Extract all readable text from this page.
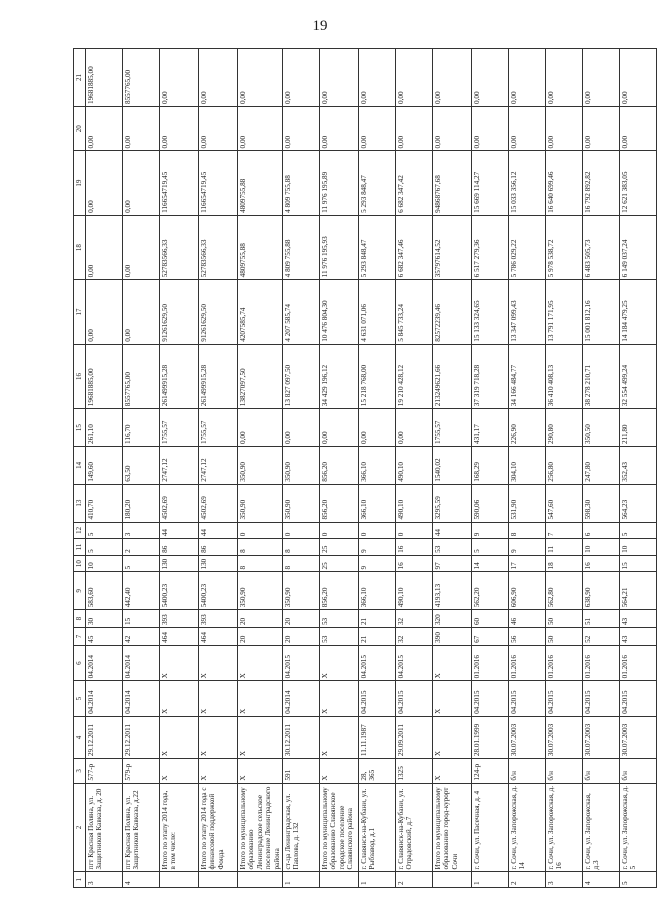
19
1	2	3	4	5	6	7	8	9	10	11	12	13	14	15	16	17	18	19	20	21
3	пгт Красная Поляна, ул. Защитников Кавказа, д. 20	577-р	29.12.2011	04.2014	04.2014	45	30	583,60	10	5	5	410,70	149,60	261,10	19681885,00	0,00	0,00	0,00	0,00	19681885,00
4	пгт Красная Поляна, ул. Защитников Кавказа, д.22	579-р	29.12.2011	04.2014	04.2014	42	15	442,40	5	2	3	180,20	63,50	116,70	8557765,00	0,00	0,00	0,00	0,00	8557765,00
	Итого по этапу 2014 года, в том числе:	X	X	X	X	464	393	5400,23	130	86	44	4502,69	2747,12	1755,57	261499915,28	91261629,50	52783566,33	116654719,45	0,00	0,00
	Итого по этапу 2014 года с финансовой поддержкой Фонда	X	X	X	X	464	393	5400,23	130	86	44	4502,69	2747,12	1755,57	261499915,28	91261629,50	52783566,33	116654719,45	0,00	0,00
	Итого по муниципальному образованию Ленинградское сельское поселение Ленинградского района	X	X	X	X	20	20	350,90	8	8	0	350,90	350,90	0,00	13827097,50	4207585,74	4809755,88	4809755,88	0,00	0,00
1	ст-ца Ленинградская, ул. Павлова, д. 132	591	30.12.2011	04.2014	04.2015	20	20	350,90	8	8	0	350,90	350,90	0,00	13 827 097,50	4 207 585,74	4 809 755,88	4 809 755,88	0,00	0,00
	Итого по муниципальному образованию Славянское городское поселение Славянского района	X	X	X	X	53	53	856,20	25	25	0	856,20	856,20	0,00	34 429 196,12	10 476 804,30	11 976 195,93	11 976 195,89	0,00	0,00
1	г. Славянск-на-Кубани, ул. Рыбзавод, д.1	28, 365	11.11.1987	04.2015	04.2015	21	21	366,10	9	9	0	366,10	366,10	0,00	15 218 768,00	4 631 071,06	5 293 848,47	5 293 848,47	0,00	0,00
2	г. Славянск-на-Кубани, ул. Отрадовский, д.7	1325	29.09.2011	04.2015	04.2015	32	32	490,10	16	16	0	490,10	490,10	0,00	19 210 428,12	5 845 733,24	6 682 347,46	6 682 347,42	0,00	0,00
	Итого по муниципальному образованию город-курорт Сочи	X	X	X	X	390	320	4193,13	97	53	44	3295,59	1540,02	1755,57	213249621,66	82572239,46	35797614,52	94868767,68	0,00	0,00
1	г. Сочи, ул. Пасечная, д. 4	124-р	28.01.1999	04.2015	01.2016	67	60	562,20	14	5	9	590,06	168,29	431,17	37 319 718,28	15 133 324,65	6 517 279,36	15 669 114,27	0,00	0,00
2	г. Сочи, ул. Запорожская, д. 14	б/н	30.07.2003	04.2015	01.2016	56	46	606,90	17	9	8	531,90	304,10	226,90	34 166 484,77	13 347 099,43	5 786 029,22	15 033 356,12	0,00	0,00
3	г. Сочи, ул. Запорожская, д. 16	б/н	30.07.2003	04.2015	01.2016	50	50	562,80	18	11	7	547,60	256,80	290,80	36 410 408,13	13 791 171,95	5 978 538,72	16 640 699,46	0,00	0,00
4	г. Сочи, ул. Запорожская, д.3	б/н	30.07.2003	04.2015	01.2016	52	51	638,90	16	10	6	598,30	247,80	350,50	38 278 210,71	15 001 812,16	6 483 505,73	16 792 892,82	0,00	0,00
5	г. Сочи, ул. Запорожская, д. 5	б/н	30.07.2003	04.2015	01.2016	43	43	564,21	15	10	5	564,23	352,43	211,80	32 554 499,24	14 184 479,25	6 149 037,24	12 621 383,05	0,00	0,00
